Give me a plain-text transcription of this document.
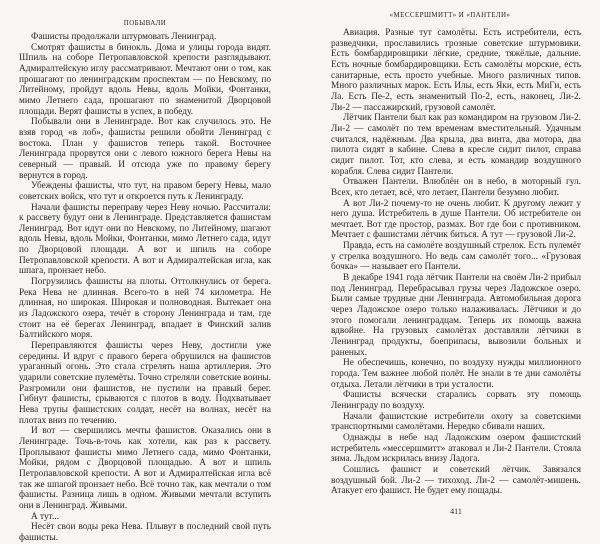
ПОБЫВАЛИ

Фашисты продолжали штурмовать Ленинград.

Смотрят фашисты в бинокль. Дома и улицы города видят. Шпиль на соборе Петропавловской крепости разглядывают. Адмиралтейскую иглу рассматривают. Мечтают они о том, как прошагают по ленинградским проспектам — по Невскому, по Литейному, пройдут вдоль Невы, вдоль Мойки, Фонтанки, мимо Летнего сада, прошагают по знаменитой Дворцовой площади. Верят фашисты в успех, в победу.

Побывали они в Ленинграде. Вот как случилось это. Не взяв город «в лоб», фашисты решили обойти Ленинград с востока. План у фашистов теперь такой. Восточнее Ленинграда прорвутся они с левого южного берега Невы на северный — правый. И отсюда уже по правому берегу вернутся в город.

Убеждены фашисты, что тут, на правом берегу Невы, мало советских войск, что тут и откроется путь к Ленинграду.

Начали фашисты переправу через Неву ночью. Рассчитали: к рассвету будут они в Ленинграде. Представляется фашистам Ленинград. Вот идут они по Невскому, по Литейному, шагают вдоль Невы, вдоль Мойки, Фонтанки, мимо Летнего сада, идут по Дворцовой площади. А вот и шпиль на соборе Петропавловской крепости. А вот и Адмиралтейская игла, как шпага, пронзает небо.

Погрузились фашисты на плоты. Оттолкнулись от берега. Река Нева не длинная. Всего-то в ней 74 километра. Не длинная, но широкая. Широкая и полноводная. Вытекает она из Ладожского озера, течёт в сторону Ленинграда и там, где стоит на её берегах Ленинград, впадает в Финский залив Балтийского моря.

Переправляются фашисты через Неву, достигли уже середины. И вдруг с правого берега обрушился на фашистов ураганный огонь. Это стала стрелять наша артиллерия. Это ударили советские пулемёты. Точно стреляли советские воины. Разгромили они фашистов, не пустили на правый берег. Гибнут фашисты, срываются с плотов в воду. Подхватывает Нева трупы фашистских солдат, несёт на волнах, несёт на плотах вниз по течению.

И вот — свершились мечты фашистов. Оказались они в Ленинграде. Точь-в-точь как хотели, как раз к рассвету. Проплывают фашисты мимо Летнего сада, мимо Фонтанки, Мойки, рядом с Дворцовой площадью. А вот и шпиль Петропавловской крепости. А вот и Адмиралтейская игла всё так же шпагой пронзает небо. Всё точно так, как мечтали о том фашисты. Разница лишь в одном. Живыми мечтали вступить они в Ленинград. Живыми.

А тут...

Несёт свои воды река Нева. Плывут в последний свой путь фашисты.

«МЕССЕРШМИТТ» И «ПАНТЕЛИ»

Авиация. Разные тут самолёты. Есть истребители, есть разведчики, прославились грозные советские штурмовики. Есть бомбардировщики лёгкие, средние, тяжёлые, дальние. Есть ночные бомбардировщики. Есть самолёты морские, есть санитарные, есть просто учебные. Много различных типов. Много различных марок. Есть Илы, есть Яки, есть МиГи, есть Ла. Есть Пе-2, есть знаменитый По-2, есть, наконец, Ли-2. Ли-2 — пассажирский, грузовой самолёт.

Лётчик Пантели был как раз командиром на грузовом Ли-2. Ли-2 — самолёт по тем временам вместительный. Удачным считался, надёжным. Два крыла, два винта, два мотора, два пилота сидят в кабине. Слева в кресле сидит пилот, справа сидит пилот. Тот, кто слева, и есть командир воздушного корабля. Слева сидит Пантели.

Отважен Пантели. Влюблён он в небо, в моторный гул. Всех, кто летает, всё, что летает, Пантели безумно любит.

А вот Ли-2 почему-то не очень любит. К другому лежит у него душа. Истребитель в душе Пантели. Об истребителе он мечтает. Вот где простор, размах. Вот где бои с противником. Мечтает с фашистами лётчик биться. А тут — грузовой Ли-2.

Правда, есть на самолёте воздушный стрелок. Есть пулемёт у стрелка воздушного. Но ведь сам самолёт того... «Грузовая бочка» — называет его Пантели.

В декабре 1941 года лётчик Пантели на своём Ли-2 прибыл под Ленинград. Перебрасывал грузы через Ладожское озеро. Были самые трудные дни Ленинграда. Автомобильная дорога через Ладожское озеро только налаживалась. Лётчики и до этого помогали ленинградцам. Теперь их помощь важна вдвойне. На грузовых самолётах доставляли лётчики в Ленинград продукты, боеприпасы, вывозили больных и раненых.

Не обеспечишь, конечно, по воздуху нужды миллионного города. Тем важнее любой полёт. Не знали в те дни самолёты отдыха. Летали лётчики в три усталости.

Фашисты всячески старались сорвать эту помощь Ленинграду по воздуху.

Начали фашистские истребители охоту за советскими транспортными самолётами. Нередко сбивали наших.

Однажды в небе над Ладожским озером фашистский истребитель «мессершмитт» атаковал и Ли-2 Пантели. Стояла зима. Льдом искрилась внизу Ладога.

Сошлись фашист и советский лётчик. Завязался воздушный бой. Ли-2 — тихоход. Ли-2 — самолёт-мишень. Атакует его фашист. Не будет ему пощады.

411
